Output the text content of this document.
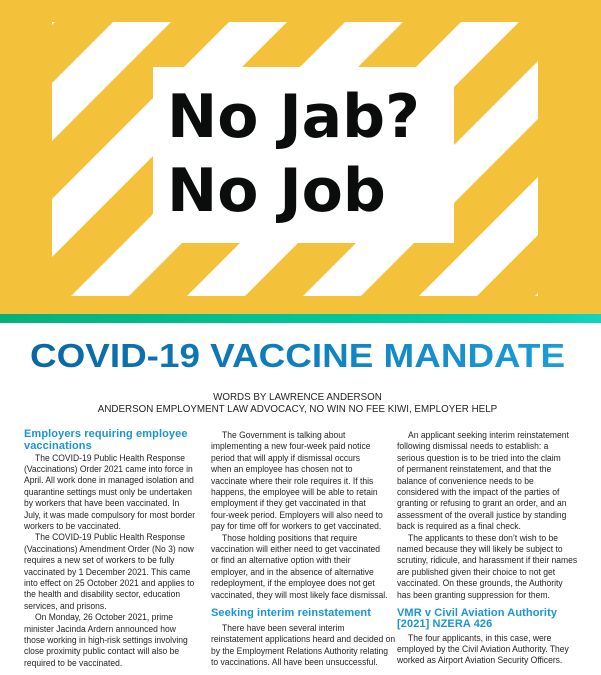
No Jab?
No Job
COVID-19 VACCINE MANDATE
WORDS BY LAWRENCE ANDERSON
ANDERSON EMPLOYMENT LAW ADVOCACY, NO WIN NO FEE KIWI, EMPLOYER HELP
Employers requiring employee
vaccinations
The COVID-19 Public Health Response
(Vaccinations) Order 2021 came into force in
April. All work done in managed isolation and
quarantine settings must only be undertaken
by workers that have been vaccinated. In
July, it was made compulsory for most border
workers to be vaccinated.
The COVID-19 Public Health Response
(Vaccinations) Amendment Order (No 3) now
requires a new set of workers to be fully
vaccinated by 1 December 2021. This came
into effect on 25 October 2021 and applies to
the health and disability sector, education
services, and prisons.
On Monday, 26 October 2021, prime
minister Jacinda Ardern announced how
those working in high-risk settings involving
close proximity public contact will also be
required to be vaccinated.
The Government is talking about
implementing a new four-week paid notice
period that will apply if dismissal occurs
when an employee has chosen not to
vaccinate where their role requires it. If this
happens, the employee will be able to retain
employment if they get vaccinated in that
four-week period. Employers will also need to
pay for time off for workers to get vaccinated.
Those holding positions that require
vaccination will either need to get vaccinated
or find an alternative option with their
employer, and in the absence of alternative
redeployment, if the employee does not get
vaccinated, they will most likely face dismissal.
Seeking interim reinstatement
There have been several interim
reinstatement applications heard and decided on
by the Employment Relations Authority relating
to vaccinations. All have been unsuccessful.
An applicant seeking interim reinstatement
following dismissal needs to establish: a
serious question is to be tried into the claim
of permanent reinstatement, and that the
balance of convenience needs to be
considered with the impact of the parties of
granting or refusing to grant an order, and an
assessment of the overall justice by standing
back is required as a final check.
The applicants to these don’t wish to be
named because they will likely be subject to
scrutiny, ridicule, and harassment if their names
are published given their choice to not get
vaccinated. On these grounds, the Authority
has been granting suppression for them.
VMR v Civil Aviation Authority
[2021] NZERA 426
The four applicants, in this case, were
employed by the Civil Aviation Authority. They
worked as Airport Aviation Security Officers.
